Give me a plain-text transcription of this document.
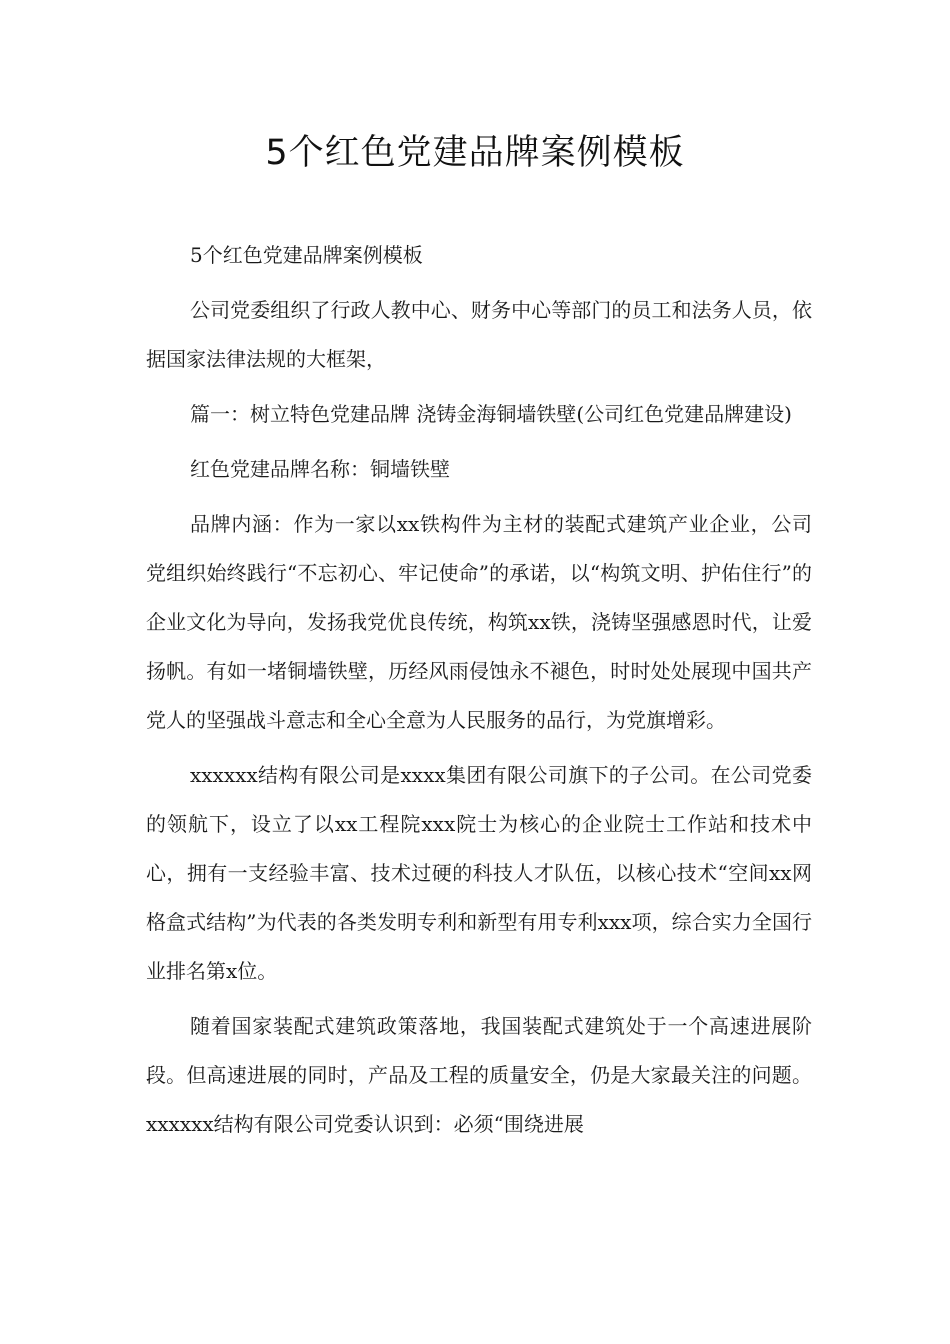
5个红色党建品牌案例模板

5个红色党建品牌案例模板

公司党委组织了行政人教中心、财务中心等部门的员工和法务人员，依据国家法律法规的大框架，

篇一：树立特色党建品牌 浇铸金海铜墙铁壁(公司红色党建品牌建设)

红色党建品牌名称：铜墙铁壁

品牌内涵：作为一家以xx铁构件为主材的装配式建筑产业企业，公司党组织始终践行“不忘初心、牢记使命”的承诺，以“构筑文明、护佑住行”的企业文化为导向，发扬我党优良传统，构筑xx铁，浇铸坚强感恩时代，让爱扬帆。有如一堵铜墙铁壁，历经风雨侵蚀永不褪色，时时处处展现中国共产党人的坚强战斗意志和全心全意为人民服务的品行，为党旗增彩。

xxxxxx结构有限公司是xxxx集团有限公司旗下的子公司。在公司党委的领航下，设立了以xx工程院xxx院士为核心的企业院士工作站和技术中心，拥有一支经验丰富、技术过硬的科技人才队伍，以核心技术“空间xx网格盒式结构”为代表的各类发明专利和新型有用专利xxx项，综合实力全国行业排名第x位。

随着国家装配式建筑政策落地，我国装配式建筑处于一个高速进展阶段。但高速进展的同时，产品及工程的质量安全，仍是大家最关注的问题。xxxxxx结构有限公司党委认识到：必须“围绕进展
